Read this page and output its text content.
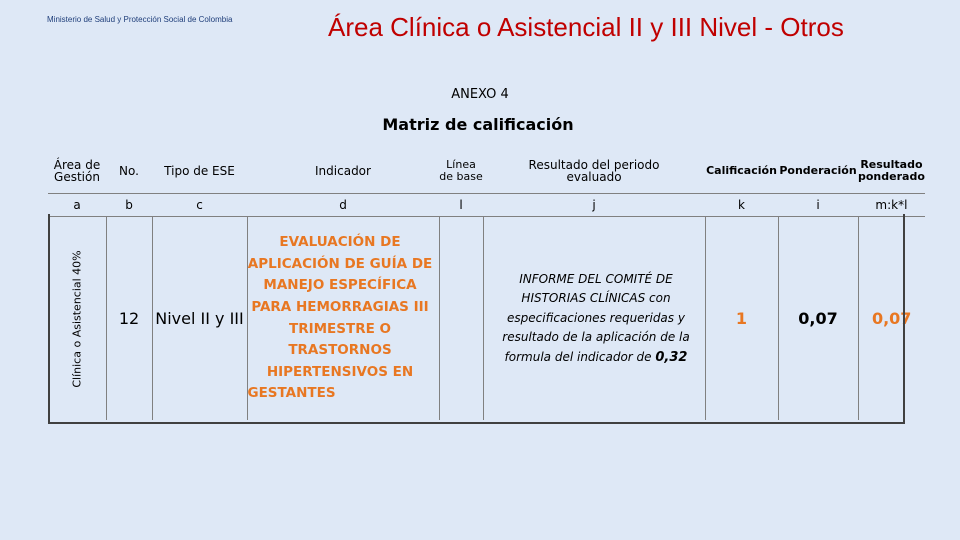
Ministerio de Salud y Protección Social de Colombia	Área Clínica o Asistencial II y III Nivel - Otros
ANEXO 4
Matriz de calificación
Área de Gestión	No.	Tipo de ESE	Indicador	Línea de base	Resultado del periodo evaluado	Calificación	Ponderación	Resultado ponderado
a	b	c	d	l	j	k	i	m:k*l

Clínica o Asistencial 40%	12	Nivel II y III	EVALUACIÓN DE APLICACIÓN DE GUÍA DE MANEJO ESPECÍFICA PARA HEMORRAGIAS III TRIMESTRE O TRASTORNOS HIPERTENSIVOS EN GESTANTES		INFORME DEL COMITÉ DE HISTORIAS CLÍNICAS con especificaciones requeridas y resultado de la aplicación de la formula del indicador de 0,32	1	0,07	0,07
